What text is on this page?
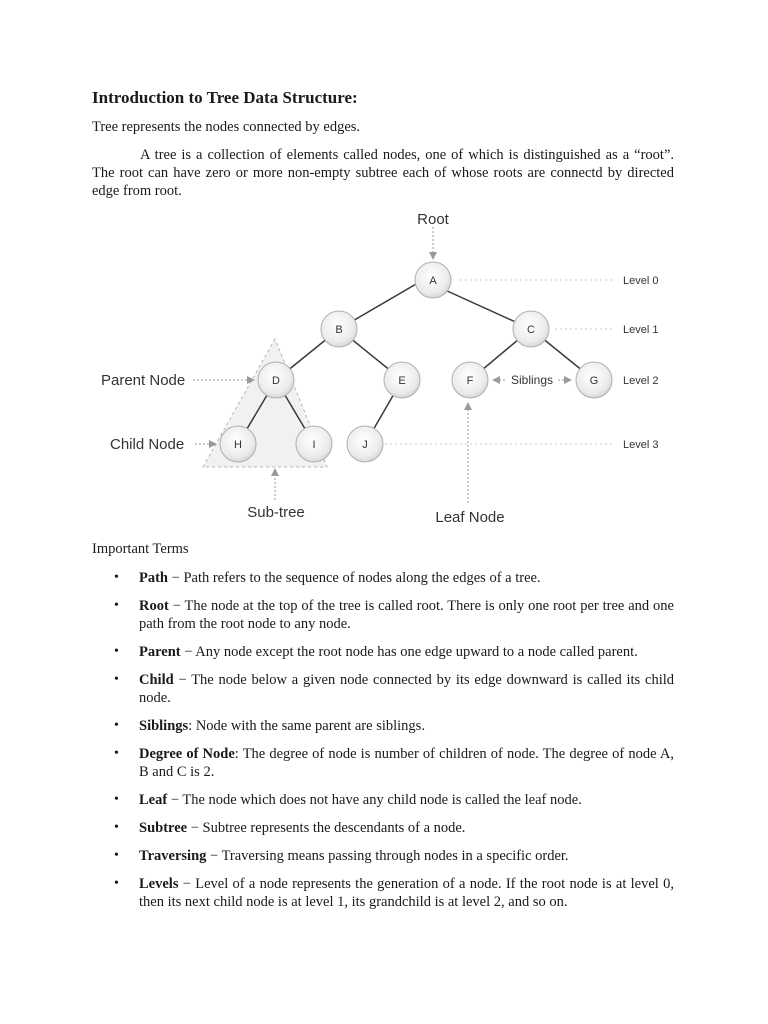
Introduction to Tree Data Structure:
Tree represents the nodes connected by edges.

A tree is a collection of elements called nodes, one of which is distinguished as a “root”. The root can have zero or more non-empty subtree each of whose roots are connectd by directed edge from root.

A
B	C
D	E	F	G
H	I	J
Root
Parent Node
Child Node
Sub-tree	Leaf Node
Siblings
Level 0
Level 1
Level 2
Level 3
Important Terms
• Path − Path refers to the sequence of nodes along the edges of a tree.
• Root − The node at the top of the tree is called root. There is only one root per tree and one path from the root node to any node.
• Parent − Any node except the root node has one edge upward to a node called parent.
• Child − The node below a given node connected by its edge downward is called its child node.
• Siblings: Node with the same parent are siblings.
• Degree of Node: The degree of node is number of children of node. The degree of node A, B and C is 2.
• Leaf − The node which does not have any child node is called the leaf node.
• Subtree − Subtree represents the descendants of a node.
• Traversing − Traversing means passing through nodes in a specific order.
• Levels − Level of a node represents the generation of a node. If the root node is at level 0, then its next child node is at level 1, its grandchild is at level 2, and so on.
